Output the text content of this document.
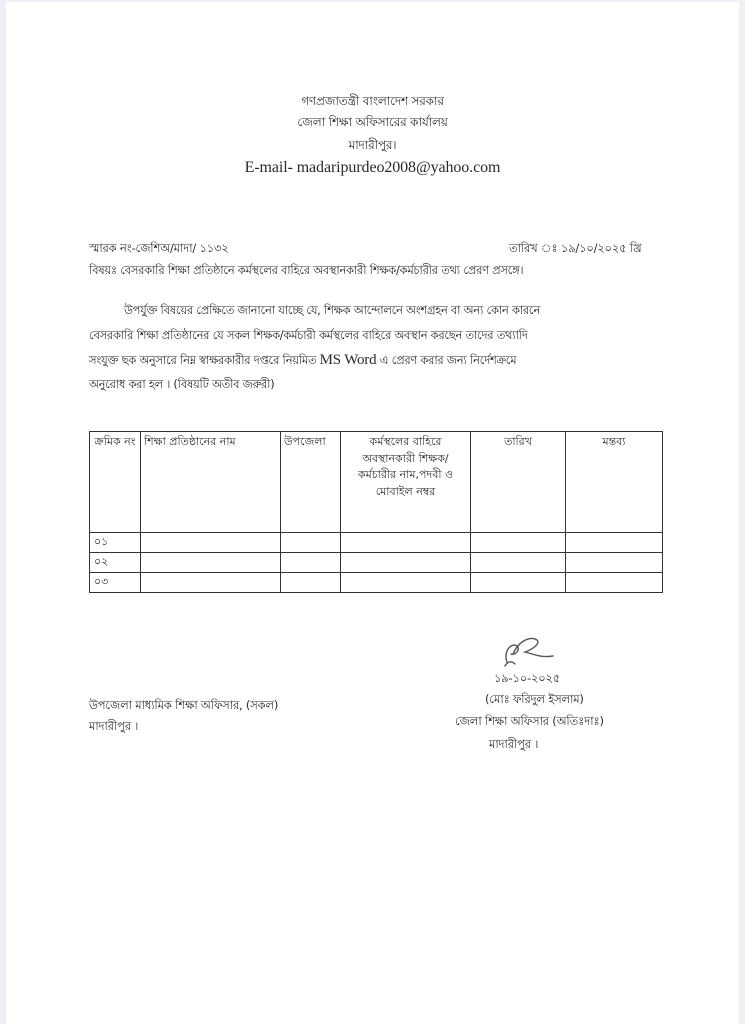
গণপ্রজাতন্ত্রী বাংলাদেশ সরকার
জেলা শিক্ষা অফিসারের কার্যালয়
মাদারীপুর।
E-mail- madaripurdeo2008@yahoo.com
স্মারক নং-জেশিঅ/মাদা/ ১১৩২	তারিখ ঃ ১৯/১০/২০২৫ খ্রি
বিষয়ঃ বেসরকারি শিক্ষা প্রতিষ্ঠানে কর্মস্থলের বাহিরে অবস্থানকারী শিক্ষক/কর্মচারীর তথ্য প্রেরণ প্রসঙ্গে।
উপর্যুক্ত বিষয়ের প্রেক্ষিতে জানানো যাচ্ছে যে, শিক্ষক আন্দোলনে অংশগ্রহন বা অন্য কোন কারনে
বেসরকারি শিক্ষা প্রতিষ্ঠানের যে সকল শিক্ষক/কর্মচারী কর্মস্থলের বাহিরে অবস্থান করছেন তাদের তথ্যাদি
সংযুক্ত ছক অনুসারে নিম্ন স্বাক্ষরকারীর দপ্তরে নিয়মিত MS Word এ প্রেরণ করার জন্য নির্দেশক্রমে
অনুরোধ করা হল । (বিষয়টি অতীব জরুরী)
ক্রমিক নং	শিক্ষা প্রতিষ্ঠানের নাম	উপজেলা	কর্মস্থলের বাহিরে অবস্থানকারী শিক্ষক/কর্মচারীর নাম,পদবী ও মোবাইল নম্বর	তারিখ	মন্তব্য
০১					
০২					
০৩					
১৯-১০-২০২৫
(মোঃ ফরিদুল ইসলাম)
জেলা শিক্ষা অফিসার (অতিঃদাঃ)
মাদারীপুর ।
উপজেলা মাধ্যমিক শিক্ষা অফিসার, (সকল)
মাদারীপুর ।
